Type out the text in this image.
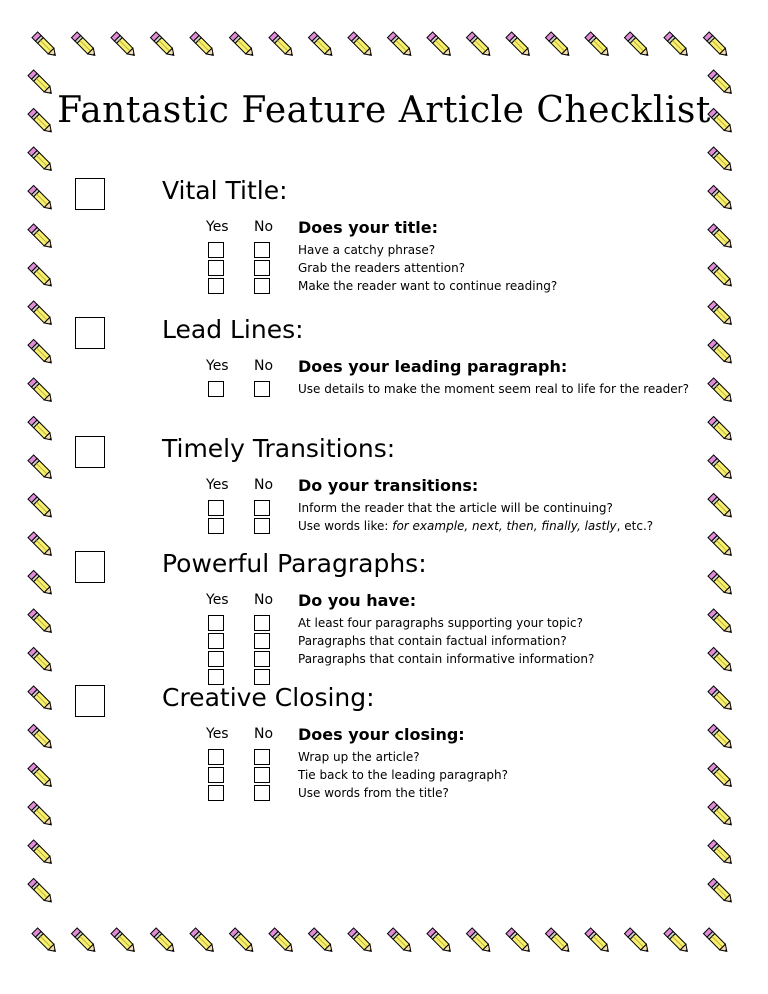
Fantastic Feature Article Checklist
Vital Title:
Yes No Does your title:
Have a catchy phrase?
Grab the readers attention?
Make the reader want to continue reading?
Lead Lines:
Yes No Does your leading paragraph:
Use details to make the moment seem real to life for the reader?
Timely Transitions:
Yes No Do your transitions:
Inform the reader that the article will be continuing?
Use words like: for example, next, then, finally, lastly, etc.?
Powerful Paragraphs:
Yes No Do you have:
At least four paragraphs supporting your topic?
Paragraphs that contain factual information?
Paragraphs that contain informative information?
Creative Closing:
Yes No Does your closing:
Wrap up the article?
Tie back to the leading paragraph?
Use words from the title?
